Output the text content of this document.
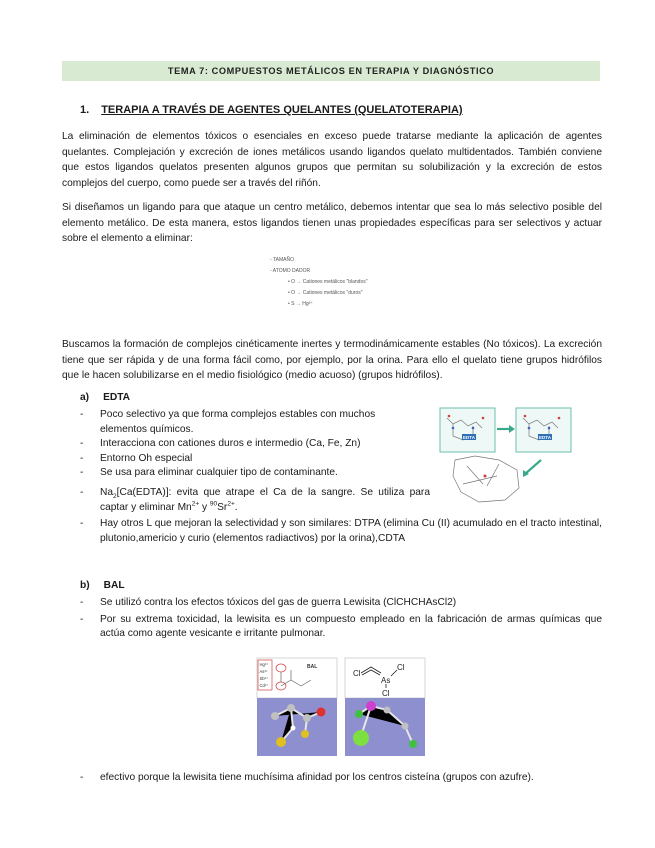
TEMA 7: COMPUESTOS METÁLICOS EN TERAPIA Y DIAGNÓSTICO
1. TERAPIA A TRAVÉS DE AGENTES QUELANTES (QUELATOTERAPIA)

La eliminación de elementos tóxicos o esenciales en exceso puede tratarse mediante la aplicación de agentes quelantes. Complejación y excreción de iones metálicos usando ligandos quelato multidentados. También conviene que estos ligandos quelatos presenten algunos grupos que permitan su solubilización y la excreción de estos complejos del cuerpo, como puede ser a través del riñón.

Si diseñamos un ligando para que ataque un centro metálico, debemos intentar que sea lo más selectivo posible del elemento metálico. De esta manera, estos ligandos tienen unas propiedades específicas para ser selectivos y actuar sobre el elemento a eliminar:

- TAMAÑO
- ATOMO DADOR
• O → Cationes metálicos "blandos"
• O → Cationes metálicos "duros"
• S → Hg²⁺

Buscamos la formación de complejos cinéticamente inertes y termodinámicamente estables (No tóxicos). La excreción tiene que ser rápida y de una forma fácil como, por ejemplo, por la orina. Para ello el quelato tiene grupos hidrófilos que le hacen solubilizarse en el medio fisiológico (medio acuoso) (grupos hidrófilos).

a) EDTA
-	Poco selectivo ya que forma complejos estables con muchos elementos químicos.
-	Interacciona con cationes duros e intermedio (Ca, Fe, Zn)
-	Entorno Oh especial
-	Se usa para eliminar cualquier tipo de contaminante.
-	$Na_2[Ca(EDTA)]$: evita que atrape el Ca de la sangre. Se utiliza para captar y eliminar $Mn^{2+}$ y $^{90}Sr^{2+}$.
-	Hay otros L que mejoran la selectividad y son similares: DTPA (elimina Cu (II) acumulado en el tracto intestinal, plutonio,americio y curio (elementos radiactivos) por la orina),CDTA
EDTA	EDTA
b) BAL
-	Se utilizó contra los efectos tóxicos del gas de guerra Lewisita (ClCHCHAsCl2)
-	Por su extrema toxicidad, la lewisita es un compuesto empleado en la fabricación de armas químicas que actúa como agente vesicante e irritante pulmonar.
Hg²⁺
As³⁺
Sb³⁺
Cd²⁺
BAL
Cl
As
Cl
Cl
-	efectivo porque la lewisita tiene muchísima afinidad por los centros cisteína (grupos con azufre).
